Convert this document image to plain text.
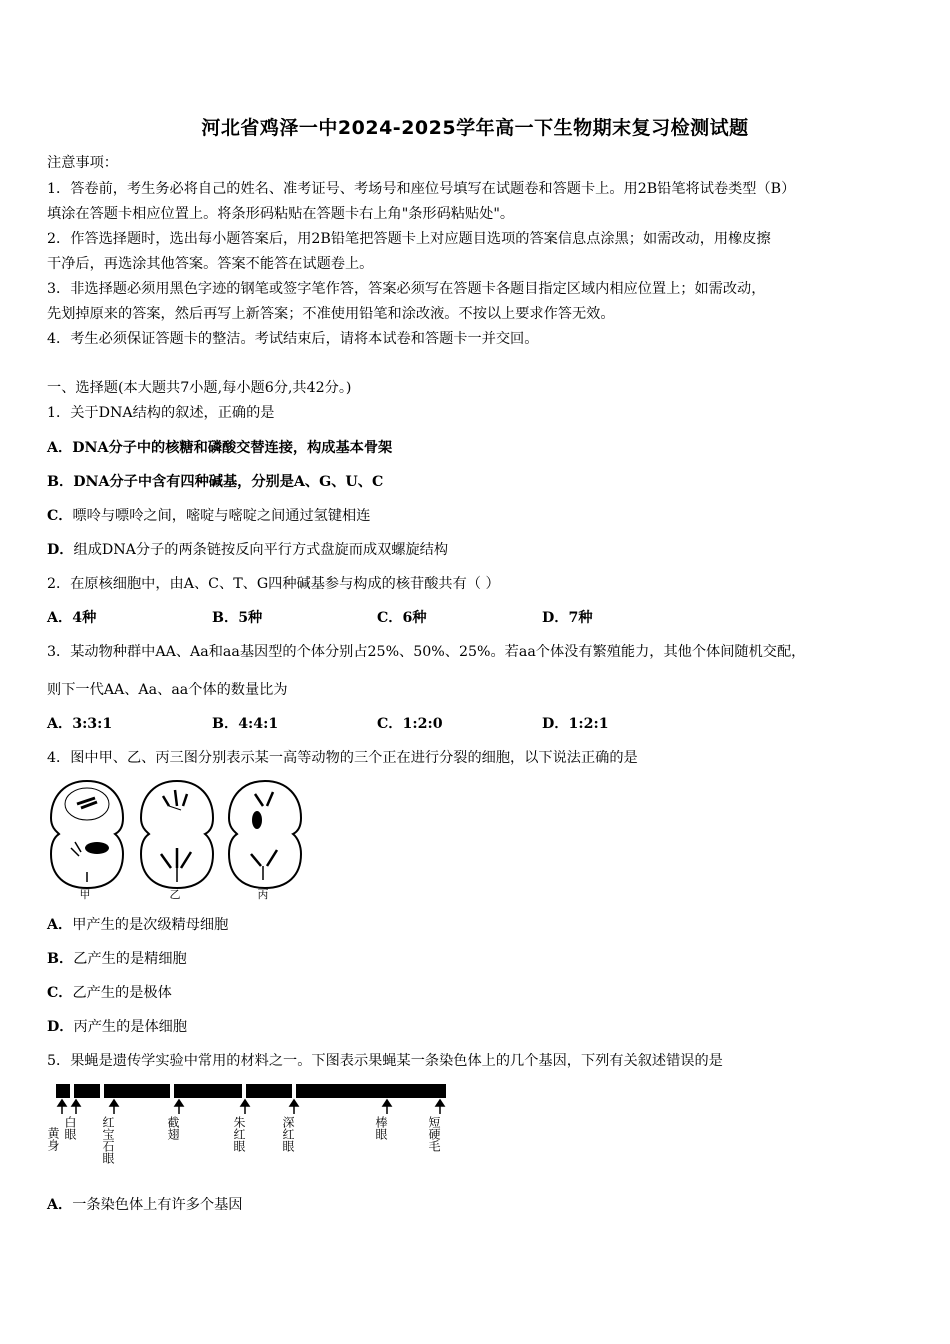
河北省鸡泽一中2024-2025学年高一下生物期末复习检测试题
注意事项：
1．答卷前，考生务必将自己的姓名、准考证号、考场号和座位号填写在试题卷和答题卡上。用2B铅笔将试卷类型（B）
填涂在答题卡相应位置上。将条形码粘贴在答题卡右上角"条形码粘贴处"。
2．作答选择题时，选出每小题答案后，用2B铅笔把答题卡上对应题目选项的答案信息点涂黑；如需改动，用橡皮擦
干净后，再选涂其他答案。答案不能答在试题卷上。
3．非选择题必须用黑色字迹的钢笔或签字笔作答，答案必须写在答题卡各题目指定区域内相应位置上；如需改动，
先划掉原来的答案，然后再写上新答案；不准使用铅笔和涂改液。不按以上要求作答无效。
4．考生必须保证答题卡的整洁。考试结束后，请将本试卷和答题卡一并交回。
一、选择题(本大题共7小题,每小题6分,共42分。)
1．关于DNA结构的叙述，正确的是
A．DNA分子中的核糖和磷酸交替连接，构成基本骨架
B．DNA分子中含有四种碱基，分别是A、G、U、C
C．嘌呤与嘌呤之间，嘧啶与嘧啶之间通过氢键相连
D．组成DNA分子的两条链按反向平行方式盘旋而成双螺旋结构
2．在原核细胞中，由A、C、T、G四种碱基参与构成的核苷酸共有（ ）
A．4种	B．5种	C．6种	D．7种
3．某动物种群中AA、Aa和aa基因型的个体分别占25%、50%、25%。若aa个体没有繁殖能力，其他个体间随机交配，
则下一代AA、Aa、aa个体的数量比为
A．3:3:1	B．4:4:1	C．1:2:0	D．1:2:1
4．图中甲、乙、丙三图分别表示某一高等动物的三个正在进行分裂的细胞，以下说法正确的是
甲	乙	丙
A．甲产生的是次级精母细胞
B．乙产生的是精细胞
C．乙产生的是极体
D．丙产生的是体细胞
5．果蝇是遗传学实验中常用的材料之一。下图表示果蝇某一条染色体上的几个基因，下列有关叙述错误的是
黄身 白眼 红宝石眼	截翅	朱红眼	深红眼	棒眼	短硬毛
A．一条染色体上有许多个基因
